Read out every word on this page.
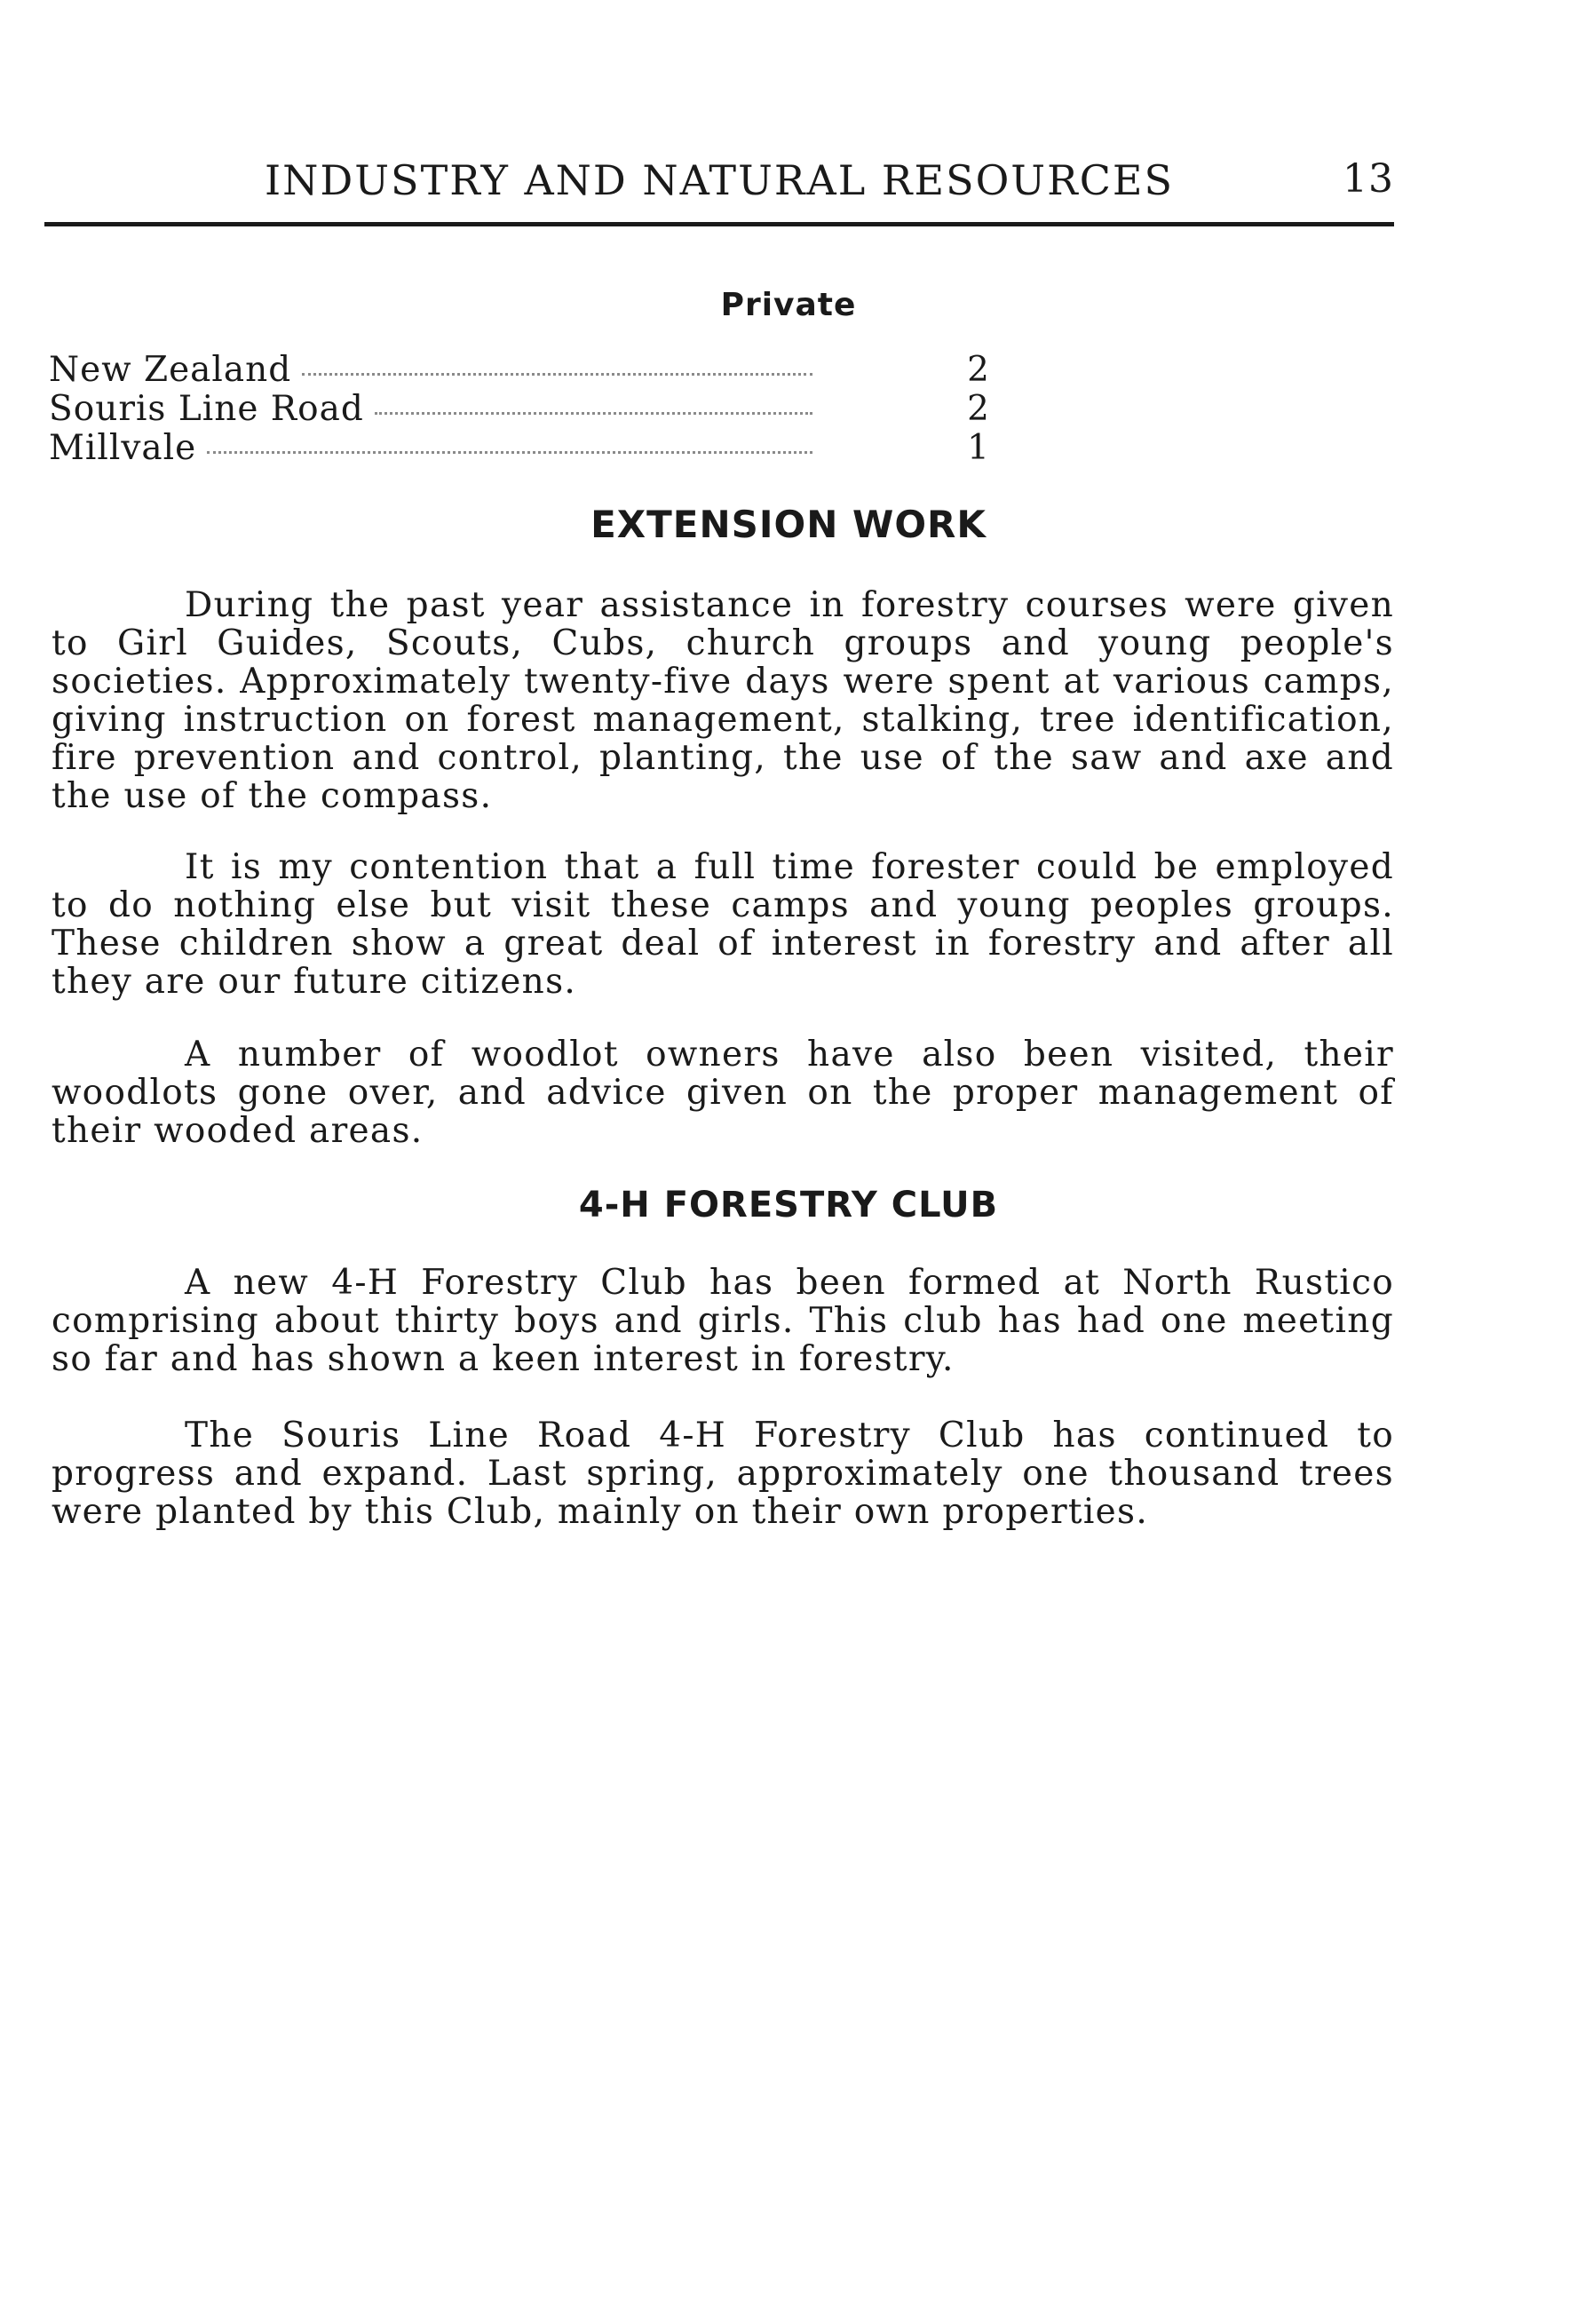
INDUSTRY AND NATURAL RESOURCES	13
Private
New Zealand	2
Souris Line Road	2
Millvale	1
EXTENSION WORK

During the past year assistance in forestry courses were given to Girl Guides, Scouts, Cubs, church groups and young people's societies. Approximately twenty-five days were spent at various camps, giving instruction on forest management, stalking, tree identification, fire prevention and control, planting, the use of the saw and axe and the use of the compass.

It is my contention that a full time forester could be employed to do nothing else but visit these camps and young peoples groups. These children show a great deal of interest in forestry and after all they are our future citizens.

A number of woodlot owners have also been visited, their woodlots gone over, and advice given on the proper management of their wooded areas.

4-H FORESTRY CLUB

A new 4-H Forestry Club has been formed at North Rustico comprising about thirty boys and girls. This club has had one meeting so far and has shown a keen interest in forestry.

The Souris Line Road 4-H Forestry Club has continued to progress and expand. Last spring, approximately one thousand trees were planted by this Club, mainly on their own properties.
